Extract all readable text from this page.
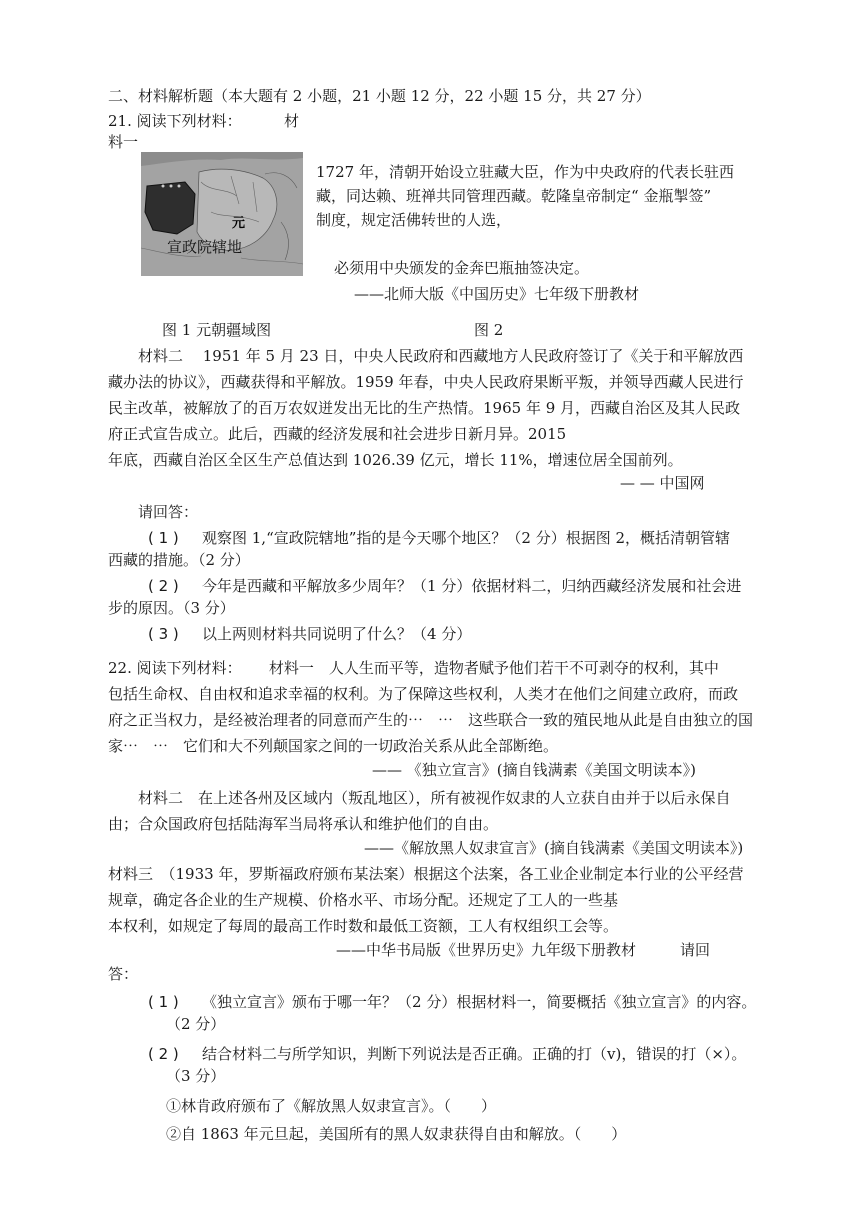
二、材料解析题（本大题有 2 小题，21 小题 12 分，22 小题 15 分，共 27 分）
21. 阅读下列材料：	材
料一
元
宣政院辖地
1727 年，清朝开始设立驻藏大臣，作为中央政府的代表长驻西
藏，同达赖、班禅共同管理西藏。乾隆皇帝制定“ 金瓶掣签”
制度，规定活佛转世的人选，
必须用中央颁发的金奔巴瓶抽签决定。
——北师大版《中国历史》七年级下册教材
图 1 元朝疆域图	图 2
材料二　 1951 年 5 月 23 日，中央人民政府和西藏地方人民政府签订了《关于和平解放西
藏办法的协议》，西藏获得和平解放。1959 年春，中央人民政府果断平叛，并领导西藏人民进行
民主改革，被解放了的百万农奴迸发出无比的生产热情。1965 年 9 月，西藏自治区及其人民政
府正式宣告成立。此后，西藏的经济发展和社会进步日新月异。2015
年底，西藏自治区全区生产总值达到 1026.39 亿元，增长 11%，增速位居全国前列。
— — 中国网
请回答：
( 1 ) 观察图 1,“宣政院辖地”指的是今天哪个地区？（2 分）根据图 2，概括清朝管辖
西藏的措施。（2 分）
( 2 ) 今年是西藏和平解放多少周年？（1 分）依据材料二，归纳西藏经济发展和社会进
步的原因。（3 分）
( 3 ) 以上两则材料共同说明了什么？（4 分）
22. 阅读下列材料：　　 材料一　人人生而平等，造物者赋予他们若干不可剥夺的权利，其中
包括生命权、自由权和追求幸福的权利。为了保障这些权利，人类才在他们之间建立政府，而政
府之正当权力，是经被治理者的同意而产生的⋯　⋯　这些联合一致的殖民地从此是自由独立的国
家⋯　⋯　它们和大不列颠国家之间的一切政治关系从此全部断绝。
—— 《独立宣言》(摘自钱满素《美国文明读本》)
材料二　在上述各州及区域内（叛乱地区），所有被视作奴隶的人立获自由并于以后永保自
由；合众国政府包括陆海军当局将承认和维护他们的自由。
——《解放黑人奴隶宣言》(摘自钱满素《美国文明读本》)
材料三　（1933 年，罗斯福政府颁布某法案）根据这个法案，各工业企业制定本行业的公平经营
规章，确定各企业的生产规模、价格水平、市场分配。还规定了工人的一些基
本权利，如规定了每周的最高工作时数和最低工资额，工人有权组织工会等。
——中华书局版《世界历史》九年级下册教材	请回
答：
( 1 ) 《独立宣言》颁布于哪一年？（2 分）根据材料一，简要概括《独立宣言》的内容。
（2 分）
( 2 ) 结合材料二与所学知识，判断下列说法是否正确。正确的打（v)，错误的打（×）。
（3 分）
①林肯政府颁布了《解放黑人奴隶宣言》。（　　）
②自 1863 年元旦起，美国所有的黑人奴隶获得自由和解放。（　　）
